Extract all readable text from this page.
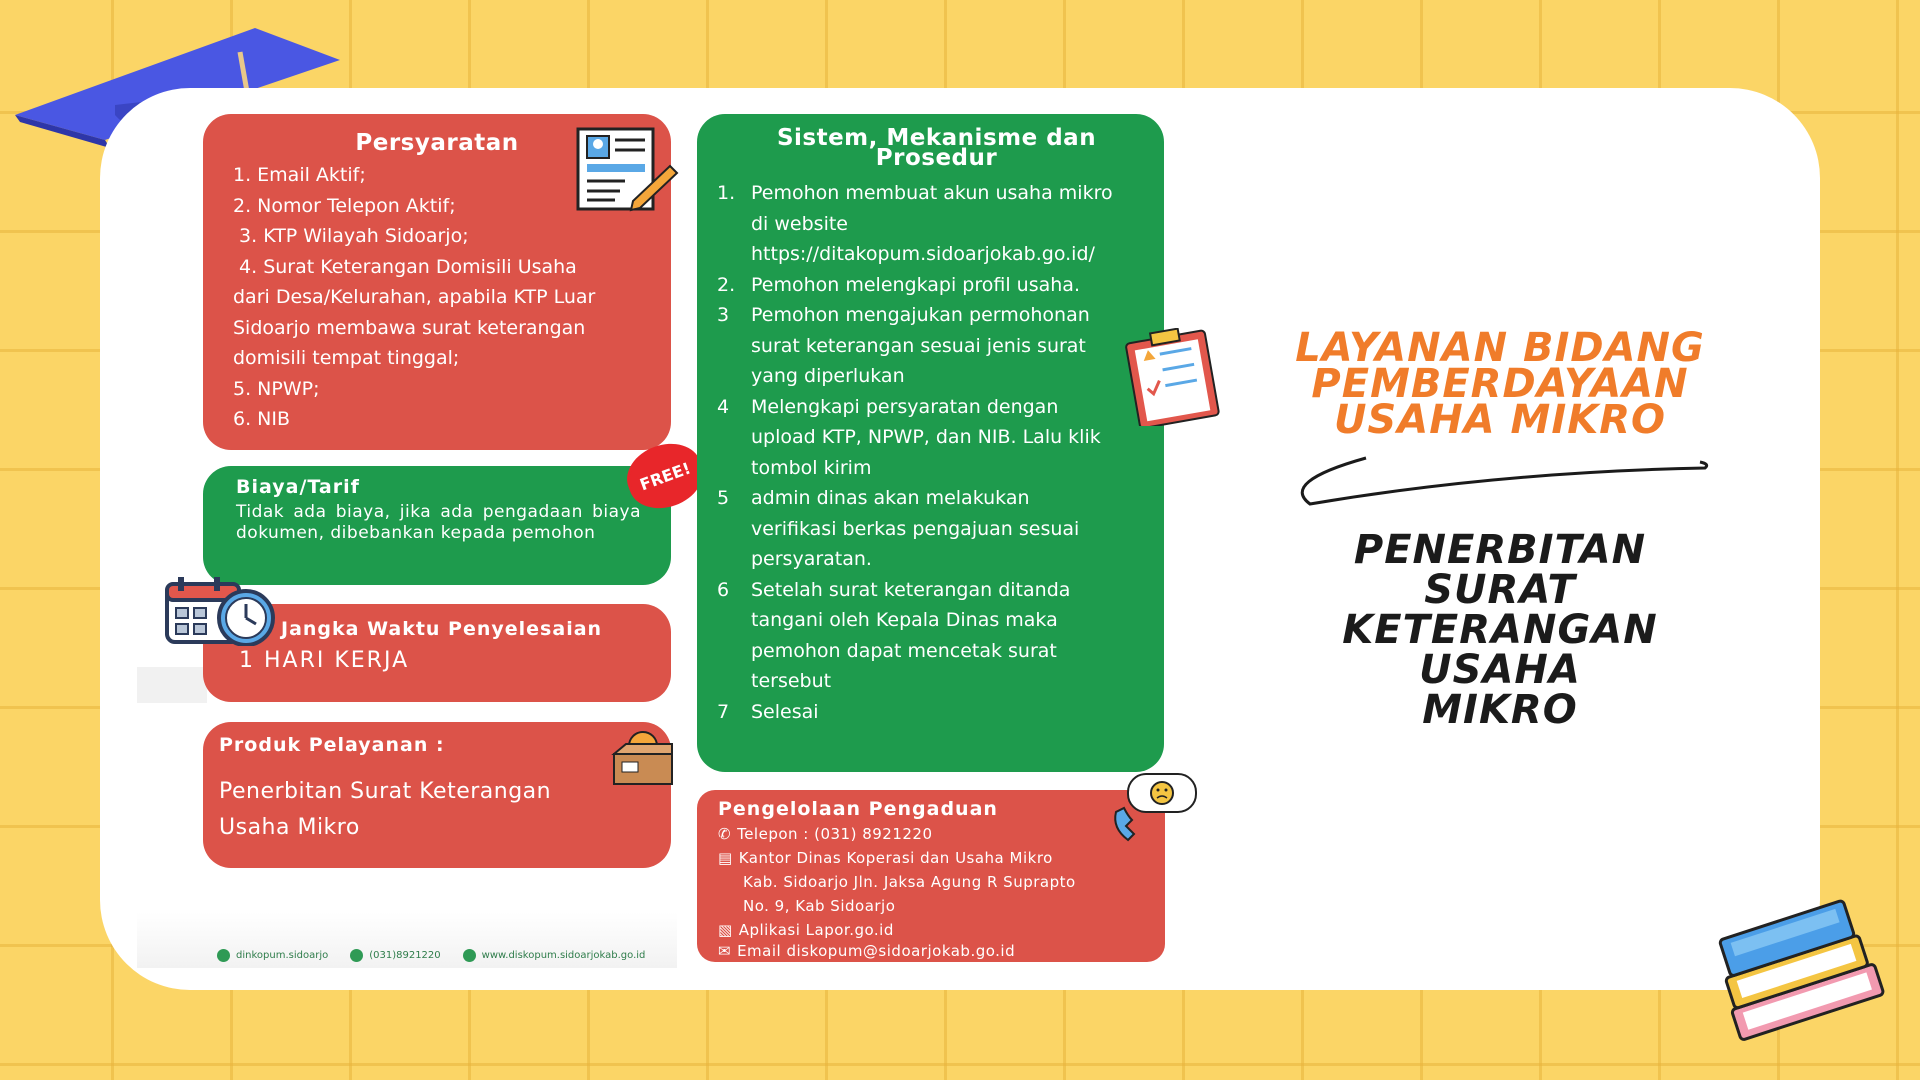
Persyaratan
1. Email Aktif;
2. Nomor Telepon Aktif;
3. KTP Wilayah Sidoarjo;
4. Surat Keterangan Domisili Usaha
dari Desa/Kelurahan, apabila KTP Luar
Sidoarjo membawa surat keterangan
domisili tempat tinggal;
5. NPWP;
6. NIB
Biaya/Tarif
Tidak ada biaya, jika ada pengadaan biaya dokumen, dibebankan kepada pemohon
FREE!
Jangka Waktu Penyelesaian
1 HARI KERJA
Produk Pelayanan :
Penerbitan Surat Keterangan Usaha Mikro
Sistem, Mekanisme dan Prosedur
1. Pemohon membuat akun usaha mikro
di website
https://ditakopum.sidoarjokab.go.id/
2. Pemohon melengkapi profil usaha.
3 Pemohon mengajukan permohonan
surat keterangan sesuai jenis surat
yang diperlukan
4 Melengkapi persyaratan dengan
upload KTP, NPWP, dan NIB. Lalu klik
tombol kirim
5 admin dinas akan melakukan
verifikasi berkas pengajuan sesuai
persyaratan.
6 Setelah surat keterangan ditanda
tangani oleh Kepala Dinas maka
pemohon dapat mencetak surat
tersebut
7 Selesai
Pengelolaan Pengaduan
✆ Telepon : (031) 8921220
▤ Kantor Dinas Koperasi dan Usaha Mikro
Kab. Sidoarjo Jln. Jaksa Agung R Suprapto
No. 9, Kab Sidoarjo
▧ Aplikasi Lapor.go.id
✉ Email diskopum@sidoarjokab.go.id
dinkopum.sidoarjo	(031)8921220	www.diskopum.sidoarjokab.go.id
LAYANAN BIDANG
PEMBERDAYAAN
USAHA MIKRO
PENERBITAN SURAT
KETERANGAN USAHA
MIKRO
